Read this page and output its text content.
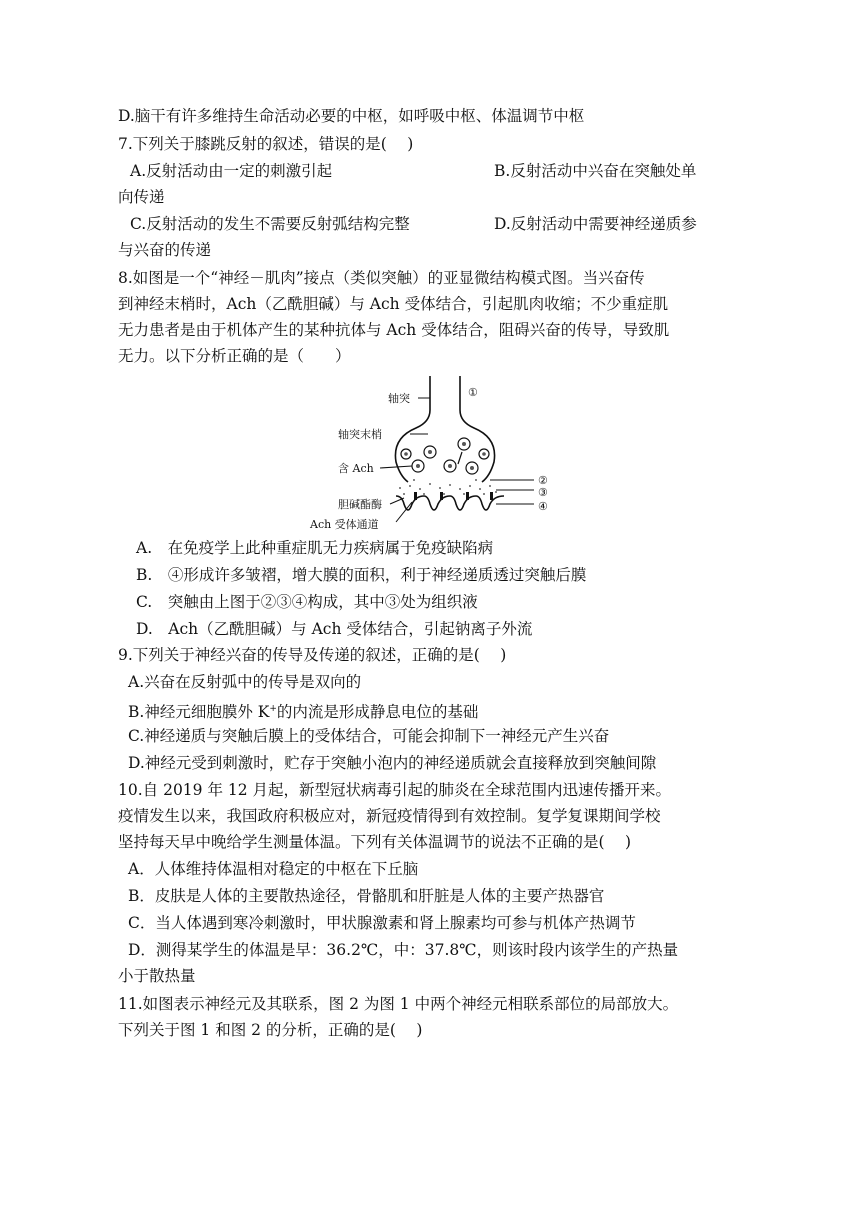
D.脑干有许多维持生命活动必要的中枢，如呼吸中枢、体温调节中枢
7.下列关于膝跳反射的叙述，错误的是(　 )
A.反射活动由一定的刺激引起	B.反射活动中兴奋在突触处单
向传递
C.反射活动的发生不需要反射弧结构完整	D.反射活动中需要神经递质参
与兴奋的传递
8.如图是一个“神经－肌肉”接点（类似突触）的亚显微结构模式图。当兴奋传
到神经末梢时，Ach（乙酰胆碱）与 Ach 受体结合，引起肌肉收缩；不少重症肌
无力患者是由于机体产生的某种抗体与 Ach 受体结合，阻碍兴奋的传导，导致肌
无力。以下分析正确的是（　　）
轴突
轴突末梢
含 Ach
胆碱酯酶
Ach 受体通道
①
②
③
④
A.　在免疫学上此种重症肌无力疾病属于免疫缺陷病
B.　④形成许多皱褶，增大膜的面积，利于神经递质透过突触后膜
C.　突触由上图于②③④构成，其中③处为组织液
D.　Ach（乙酰胆碱）与 Ach 受体结合，引起钠离子外流
9.下列关于神经兴奋的传导及传递的叙述，正确的是(　 )
A.兴奋在反射弧中的传导是双向的
B.神经元细胞膜外 K+的内流是形成静息电位的基础
C.神经递质与突触后膜上的受体结合，可能会抑制下一神经元产生兴奋
D.神经元受到刺激时，贮存于突触小泡内的神经递质就会直接释放到突触间隙
10.自 2019 年 12 月起，新型冠状病毒引起的肺炎在全球范围内迅速传播开来。
疫情发生以来，我国政府积极应对，新冠疫情得到有效控制。复学复课期间学校
坚持每天早中晚给学生测量体温。下列有关体温调节的说法不正确的是(　 )
A．人体维持体温相对稳定的中枢在下丘脑
B．皮肤是人体的主要散热途径，骨骼肌和肝脏是人体的主要产热器官
C．当人体遇到寒冷刺激时，甲状腺激素和肾上腺素均可参与机体产热调节
D．测得某学生的体温是早：36.2℃，中：37.8℃，则该时段内该学生的产热量
小于散热量
11.如图表示神经元及其联系，图 2 为图 1 中两个神经元相联系部位的局部放大。
下列关于图 1 和图 2 的分析，正确的是(　 )
